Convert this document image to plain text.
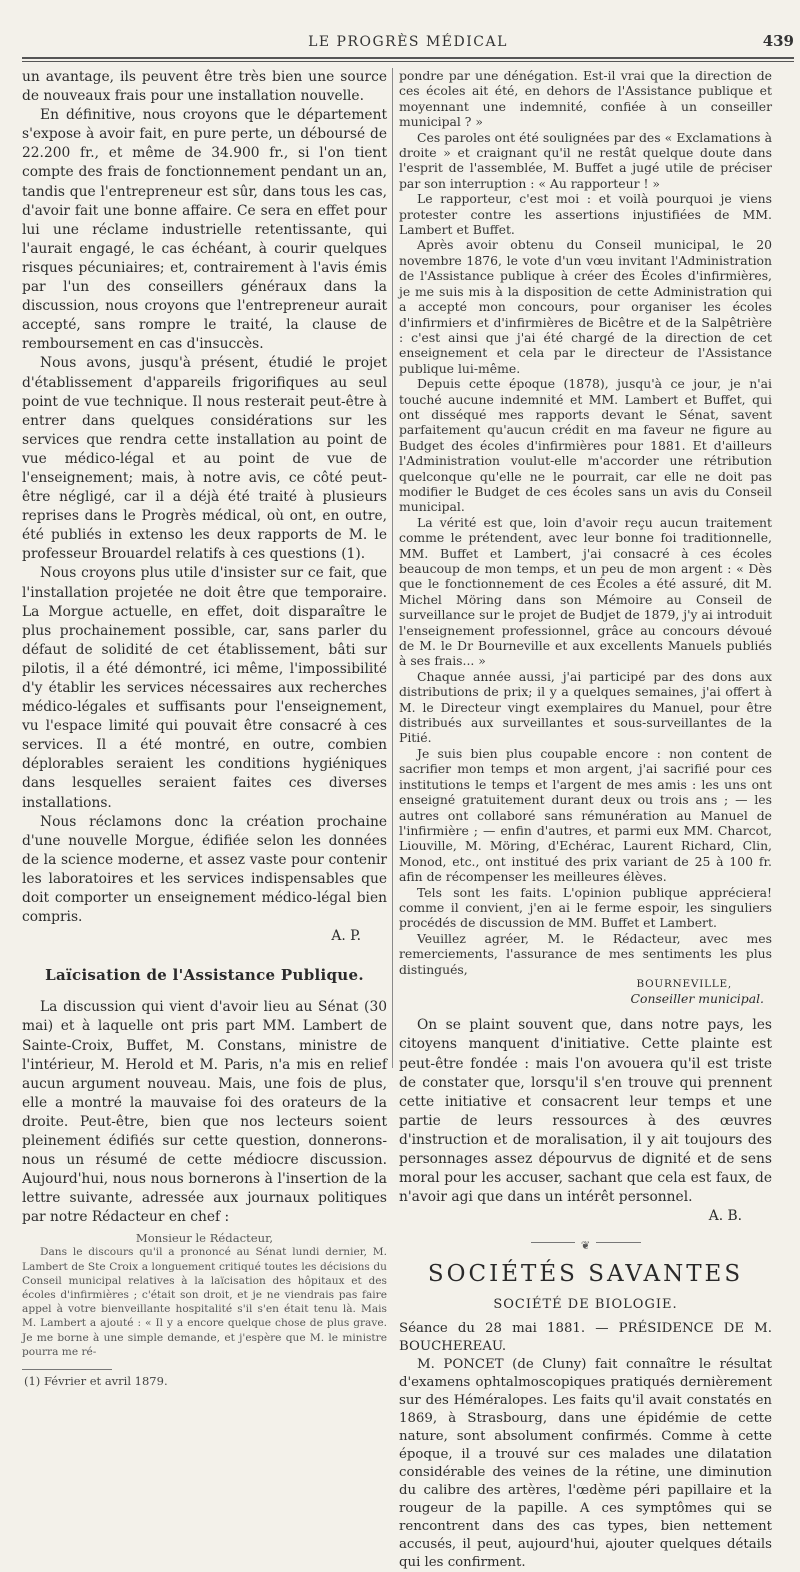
LE PROGRÈS MÉDICAL	439

un avantage, ils peuvent être très bien une source de nouveaux frais pour une installation nouvelle.

En définitive, nous croyons que le département s'expose à avoir fait, en pure perte, un déboursé de 22.200 fr., et même de 34.900 fr., si l'on tient compte des frais de fonctionnement pendant un an, tandis que l'entrepreneur est sûr, dans tous les cas, d'avoir fait une bonne affaire. Ce sera en effet pour lui une réclame industrielle retentissante, qui l'aurait engagé, le cas échéant, à courir quelques risques pécuniaires; et, contrairement à l'avis émis par l'un des conseillers généraux dans la discussion, nous croyons que l'entrepreneur aurait accepté, sans rompre le traité, la clause de remboursement en cas d'insuccès.

Nous avons, jusqu'à présent, étudié le projet d'établissement d'appareils frigorifiques au seul point de vue technique. Il nous resterait peut-être à entrer dans quelques considérations sur les services que rendra cette installation au point de vue médico-légal et au point de vue de l'enseignement; mais, à notre avis, ce côté peut-être négligé, car il a déjà été traité à plusieurs reprises dans le Progrès médical, où ont, en outre, été publiés in extenso les deux rapports de M. le professeur Brouardel relatifs à ces questions (1).

Nous croyons plus utile d'insister sur ce fait, que l'installation projetée ne doit être que temporaire. La Morgue actuelle, en effet, doit disparaître le plus prochainement possible, car, sans parler du défaut de solidité de cet établissement, bâti sur pilotis, il a été démontré, ici même, l'impossibilité d'y établir les services nécessaires aux recherches médico-légales et suffisants pour l'enseignement, vu l'espace limité qui pouvait être consacré à ces services. Il a été montré, en outre, combien déplorables seraient les conditions hygiéniques dans lesquelles seraient faites ces diverses installations.

Nous réclamons donc la création prochaine d'une nouvelle Morgue, édifiée selon les données de la science moderne, et assez vaste pour contenir les laboratoires et les services indispensables que doit comporter un enseignement médico-légal bien compris.

A. P.
Laïcisation de l'Assistance Publique.

La discussion qui vient d'avoir lieu au Sénat (30 mai) et à laquelle ont pris part MM. Lambert de Sainte-Croix, Buffet, M. Constans, ministre de l'intérieur, M. Herold et M. Paris, n'a mis en relief aucun argument nouveau. Mais, une fois de plus, elle a montré la mauvaise foi des orateurs de la droite. Peut-être, bien que nos lecteurs soient pleinement édifiés sur cette question, donnerons-nous un résumé de cette médiocre discussion. Aujourd'hui, nous nous bornerons à l'insertion de la lettre suivante, adressée aux journaux politiques par notre Rédacteur en chef :

Monsieur le Rédacteur,

Dans le discours qu'il a prononcé au Sénat lundi dernier, M. Lambert de Ste Croix a longuement critiqué toutes les décisions du Conseil municipal relatives à la laïcisation des hôpitaux et des écoles d'infirmières ; c'était son droit, et je ne viendrais pas faire appel à votre bienveillante hospitalité s'il s'en était tenu là. Mais M. Lambert a ajouté : « Il y a encore quelque chose de plus grave. Je me borne à une simple demande, et j'espère que M. le ministre pourra me ré-

(1) Février et avril 1879.

pondre par une dénégation. Est-il vrai que la direction de ces écoles ait été, en dehors de l'Assistance publique et moyennant une indemnité, confiée à un conseiller municipal ? »

Ces paroles ont été soulignées par des « Exclamations à droite » et craignant qu'il ne restât quelque doute dans l'esprit de l'assemblée, M. Buffet a jugé utile de préciser par son interruption : « Au rapporteur ! »

Le rapporteur, c'est moi : et voilà pourquoi je viens protester contre les assertions injustifiées de MM. Lambert et Buffet.

Après avoir obtenu du Conseil municipal, le 20 novembre 1876, le vote d'un vœu invitant l'Administration de l'Assistance publique à créer des Écoles d'infirmières, je me suis mis à la disposition de cette Administration qui a accepté mon concours, pour organiser les écoles d'infirmiers et d'infirmières de Bicêtre et de la Salpêtrière : c'est ainsi que j'ai été chargé de la direction de cet enseignement et cela par le directeur de l'Assistance publique lui-même.

Depuis cette époque (1878), jusqu'à ce jour, je n'ai touché aucune indemnité et MM. Lambert et Buffet, qui ont disséqué mes rapports devant le Sénat, savent parfaitement qu'aucun crédit en ma faveur ne figure au Budget des écoles d'infirmières pour 1881. Et d'ailleurs l'Administration voulut-elle m'accorder une rétribution quelconque qu'elle ne le pourrait, car elle ne doit pas modifier le Budget de ces écoles sans un avis du Conseil municipal.

La vérité est que, loin d'avoir reçu aucun traitement comme le prétendent, avec leur bonne foi traditionnelle, MM. Buffet et Lambert, j'ai consacré à ces écoles beaucoup de mon temps, et un peu de mon argent : « Dès que le fonctionnement de ces Écoles a été assuré, dit M. Michel Möring dans son Mémoire au Conseil de surveillance sur le projet de Budjet de 1879, j'y ai introduit l'enseignement professionnel, grâce au concours dévoué de M. le Dr Bourneville et aux excellents Manuels publiés à ses frais... »

Chaque année aussi, j'ai participé par des dons aux distributions de prix; il y a quelques semaines, j'ai offert à M. le Directeur vingt exemplaires du Manuel, pour être distribués aux surveillantes et sous-surveillantes de la Pitié.

Je suis bien plus coupable encore : non content de sacrifier mon temps et mon argent, j'ai sacrifié pour ces institutions le temps et l'argent de mes amis : les uns ont enseigné gratuitement durant deux ou trois ans ; — les autres ont collaboré sans rémunération au Manuel de l'infirmière ; — enfin d'autres, et parmi eux MM. Charcot, Liouville, M. Möring, d'Echérac, Laurent Richard, Clin, Monod, etc., ont institué des prix variant de 25 à 100 fr. afin de récompenser les meilleures élèves.

Tels sont les faits. L'opinion publique appréciera! comme il convient, j'en ai le ferme espoir, les singuliers procédés de discussion de MM. Buffet et Lambert.

Veuillez agréer, M. le Rédacteur, avec mes remerciements, l'assurance de mes sentiments les plus distingués,

BOURNEVILLE,
Conseiller municipal.

On se plaint souvent que, dans notre pays, les citoyens manquent d'initiative. Cette plainte est peut-être fondée : mais l'on avouera qu'il est triste de constater que, lorsqu'il s'en trouve qui prennent cette initiative et consacrent leur temps et une partie de leurs ressources à des œuvres d'instruction et de moralisation, il y ait toujours des personnages assez dépourvus de dignité et de sens moral pour les accuser, sachant que cela est faux, de n'avoir agi que dans un intérêt personnel.

A. B.
❦
SOCIÉTÉS SAVANTES
SOCIÉTÉ DE BIOLOGIE.

Séance du 28 mai 1881. — PRÉSIDENCE DE M. BOUCHEREAU.

M. PONCET (de Cluny) fait connaître le résultat d'examens ophtalmoscopiques pratiqués dernièrement sur des Héméralopes. Les faits qu'il avait constatés en 1869, à Strasbourg, dans une épidémie de cette nature, sont absolument confirmés. Comme à cette époque, il a trouvé sur ces malades une dilatation considérable des veines de la rétine, une diminution du calibre des artères, l'œdème péri papillaire et la rougeur de la papille. A ces symptômes qui se rencontrent dans des cas types, bien nettement accusés, il peut, aujourd'hui, ajouter quelques détails qui les confirment.
